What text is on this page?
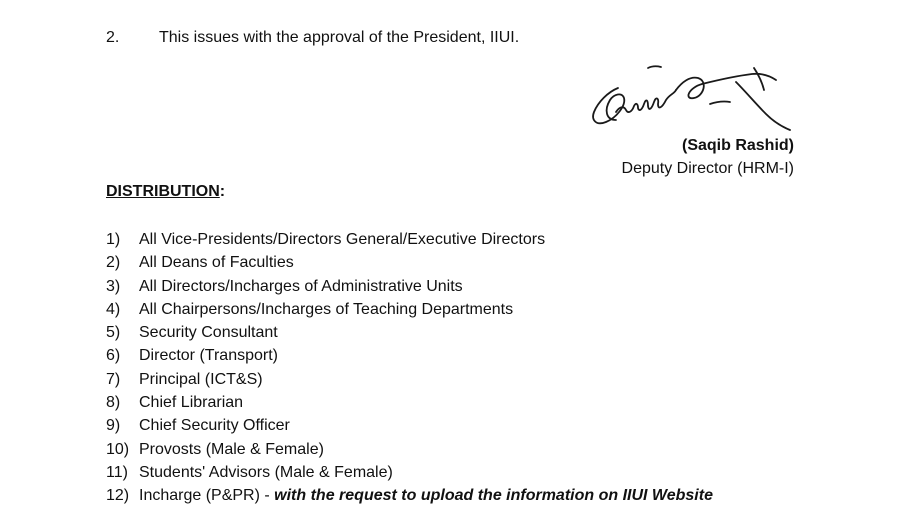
2. This issues with the approval of the President, IIUI.
(Saqib Rashid)
Deputy Director (HRM-I)
DISTRIBUTION:
1) All Vice-Presidents/Directors General/Executive Directors
2) All Deans of Faculties
3) All Directors/Incharges of Administrative Units
4) All Chairpersons/Incharges of Teaching Departments
5) Security Consultant
6) Director (Transport)
7) Principal (ICT&S)
8) Chief Librarian
9) Chief Security Officer
10) Provosts (Male & Female)
11) Students' Advisors (Male & Female)
12) Incharge (P&PR) - with the request to upload the information on IIUI Website
